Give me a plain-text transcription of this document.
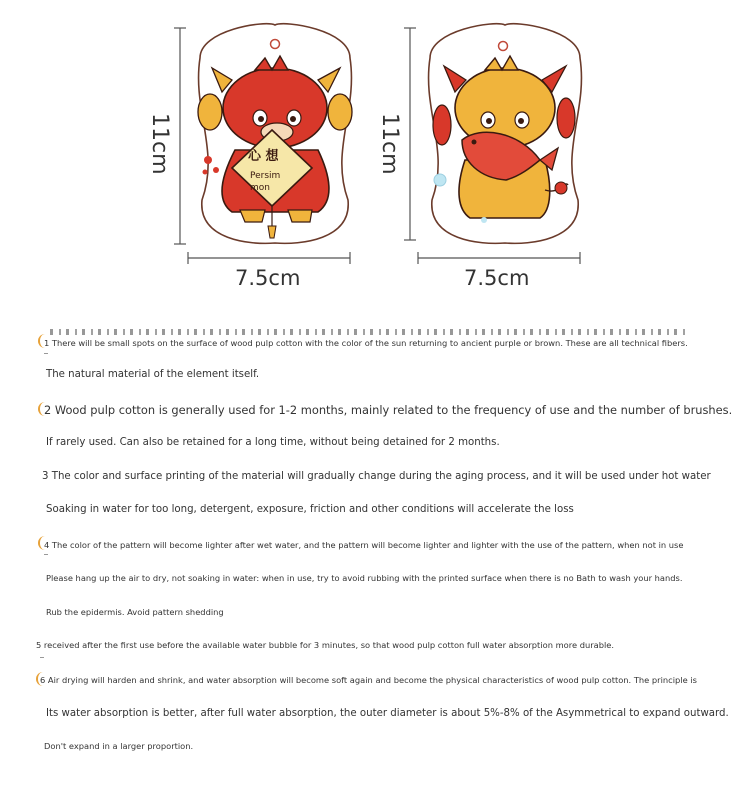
心 想
Persim
mon
11cm	11cm
7.5cm	7.5cm
1 There will be small spots on the surface of wood pulp cotton with the color of the sun returning to ancient purple or brown. These are all technical fibers.
The natural material of the element itself.
2 Wood pulp cotton is generally used for 1-2 months, mainly related to the frequency of use and the number of brushes.
If rarely used. Can also be retained for a long time, without being detained for 2 months.
3 The color and surface printing of the material will gradually change during the aging process, and it will be used under hot water
Soaking in water for too long, detergent, exposure, friction and other conditions will accelerate the loss
4 The color of the pattern will become lighter after wet water, and the pattern will become lighter and lighter with the use of the pattern, when not in use
Please hang up the air to dry, not soaking in water: when in use, try to avoid rubbing with the printed surface when there is no Bath to wash your hands.
Rub the epidermis. Avoid pattern shedding
5 received after the first use before the available water bubble for 3 minutes, so that wood pulp cotton full water absorption more durable.
6 Air drying will harden and shrink, and water absorption will become soft again and become the physical characteristics of wood pulp cotton. The principle is
Its water absorption is better, after full water absorption, the outer diameter is about 5%-8% of the Asymmetrical to expand outward.
Don't expand in a larger proportion.
